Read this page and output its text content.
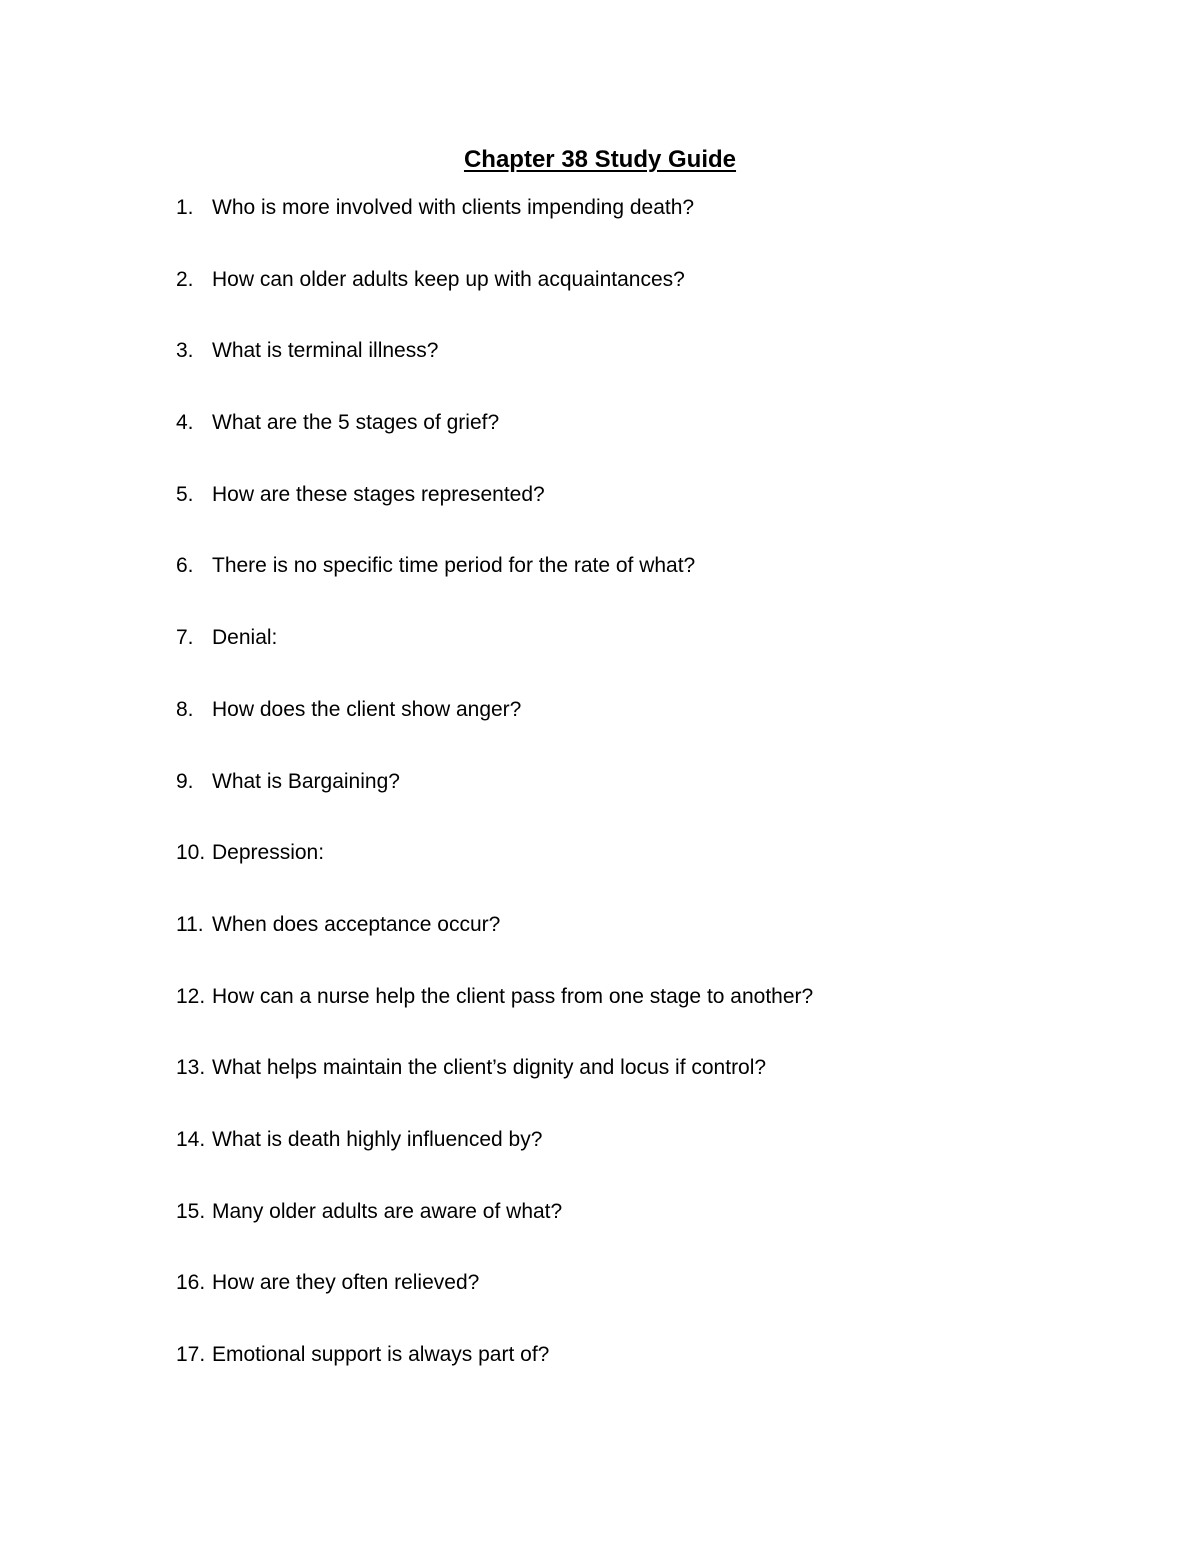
Chapter 38 Study Guide
1. Who is more involved with clients impending death?
2. How can older adults keep up with acquaintances?
3. What is terminal illness?
4. What are the 5 stages of grief?
5. How are these stages represented?
6. There is no specific time period for the rate of what?
7. Denial:
8. How does the client show anger?
9. What is Bargaining?
10. Depression:
11. When does acceptance occur?
12. How can a nurse help the client pass from one stage to another?
13. What helps maintain the client’s dignity and locus if control?
14. What is death highly influenced by?
15. Many older adults are aware of what?
16. How are they often relieved?
17. Emotional support is always part of?
